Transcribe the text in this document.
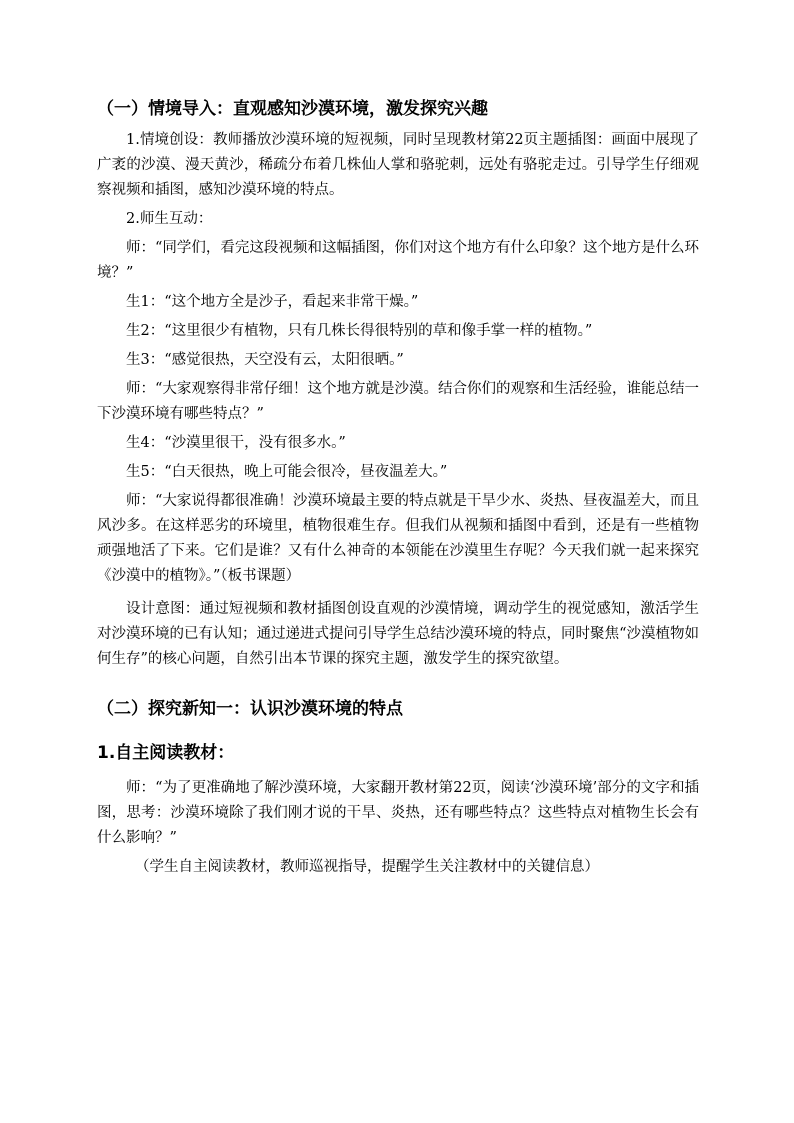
（一）情境导入：直观感知沙漠环境，激发探究兴趣
1.情境创设：教师播放沙漠环境的短视频，同时呈现教材第22页主题插图：画面中展现了广袤的沙漠、漫天黄沙，稀疏分布着几株仙人掌和骆驼刺，远处有骆驼走过。引导学生仔细观察视频和插图，感知沙漠环境的特点。
2.师生互动：
师：“同学们，看完这段视频和这幅插图，你们对这个地方有什么印象？这个地方是什么环境？”
生1：“这个地方全是沙子，看起来非常干燥。”
生2：“这里很少有植物，只有几株长得很特别的草和像手掌一样的植物。”
生3：“感觉很热，天空没有云，太阳很晒。”
师：“大家观察得非常仔细！这个地方就是沙漠。结合你们的观察和生活经验，谁能总结一下沙漠环境有哪些特点？”
生4：“沙漠里很干，没有很多水。”
生5：“白天很热，晚上可能会很冷，昼夜温差大。”
师：“大家说得都很准确！沙漠环境最主要的特点就是干旱少水、炎热、昼夜温差大，而且风沙多。在这样恶劣的环境里，植物很难生存。但我们从视频和插图中看到，还是有一些植物顽强地活了下来。它们是谁？又有什么神奇的本领能在沙漠里生存呢？今天我们就一起来探究《沙漠中的植物》。”（板书课题）
设计意图：通过短视频和教材插图创设直观的沙漠情境，调动学生的视觉感知，激活学生对沙漠环境的已有认知；通过递进式提问引导学生总结沙漠环境的特点，同时聚焦“沙漠植物如何生存”的核心问题，自然引出本节课的探究主题，激发学生的探究欲望。
（二）探究新知一：认识沙漠环境的特点
1.自主阅读教材：
师：“为了更准确地了解沙漠环境，大家翻开教材第22页，阅读‘沙漠环境’部分的文字和插图，思考：沙漠环境除了我们刚才说的干旱、炎热，还有哪些特点？这些特点对植物生长会有什么影响？”
（学生自主阅读教材，教师巡视指导，提醒学生关注教材中的关键信息）
